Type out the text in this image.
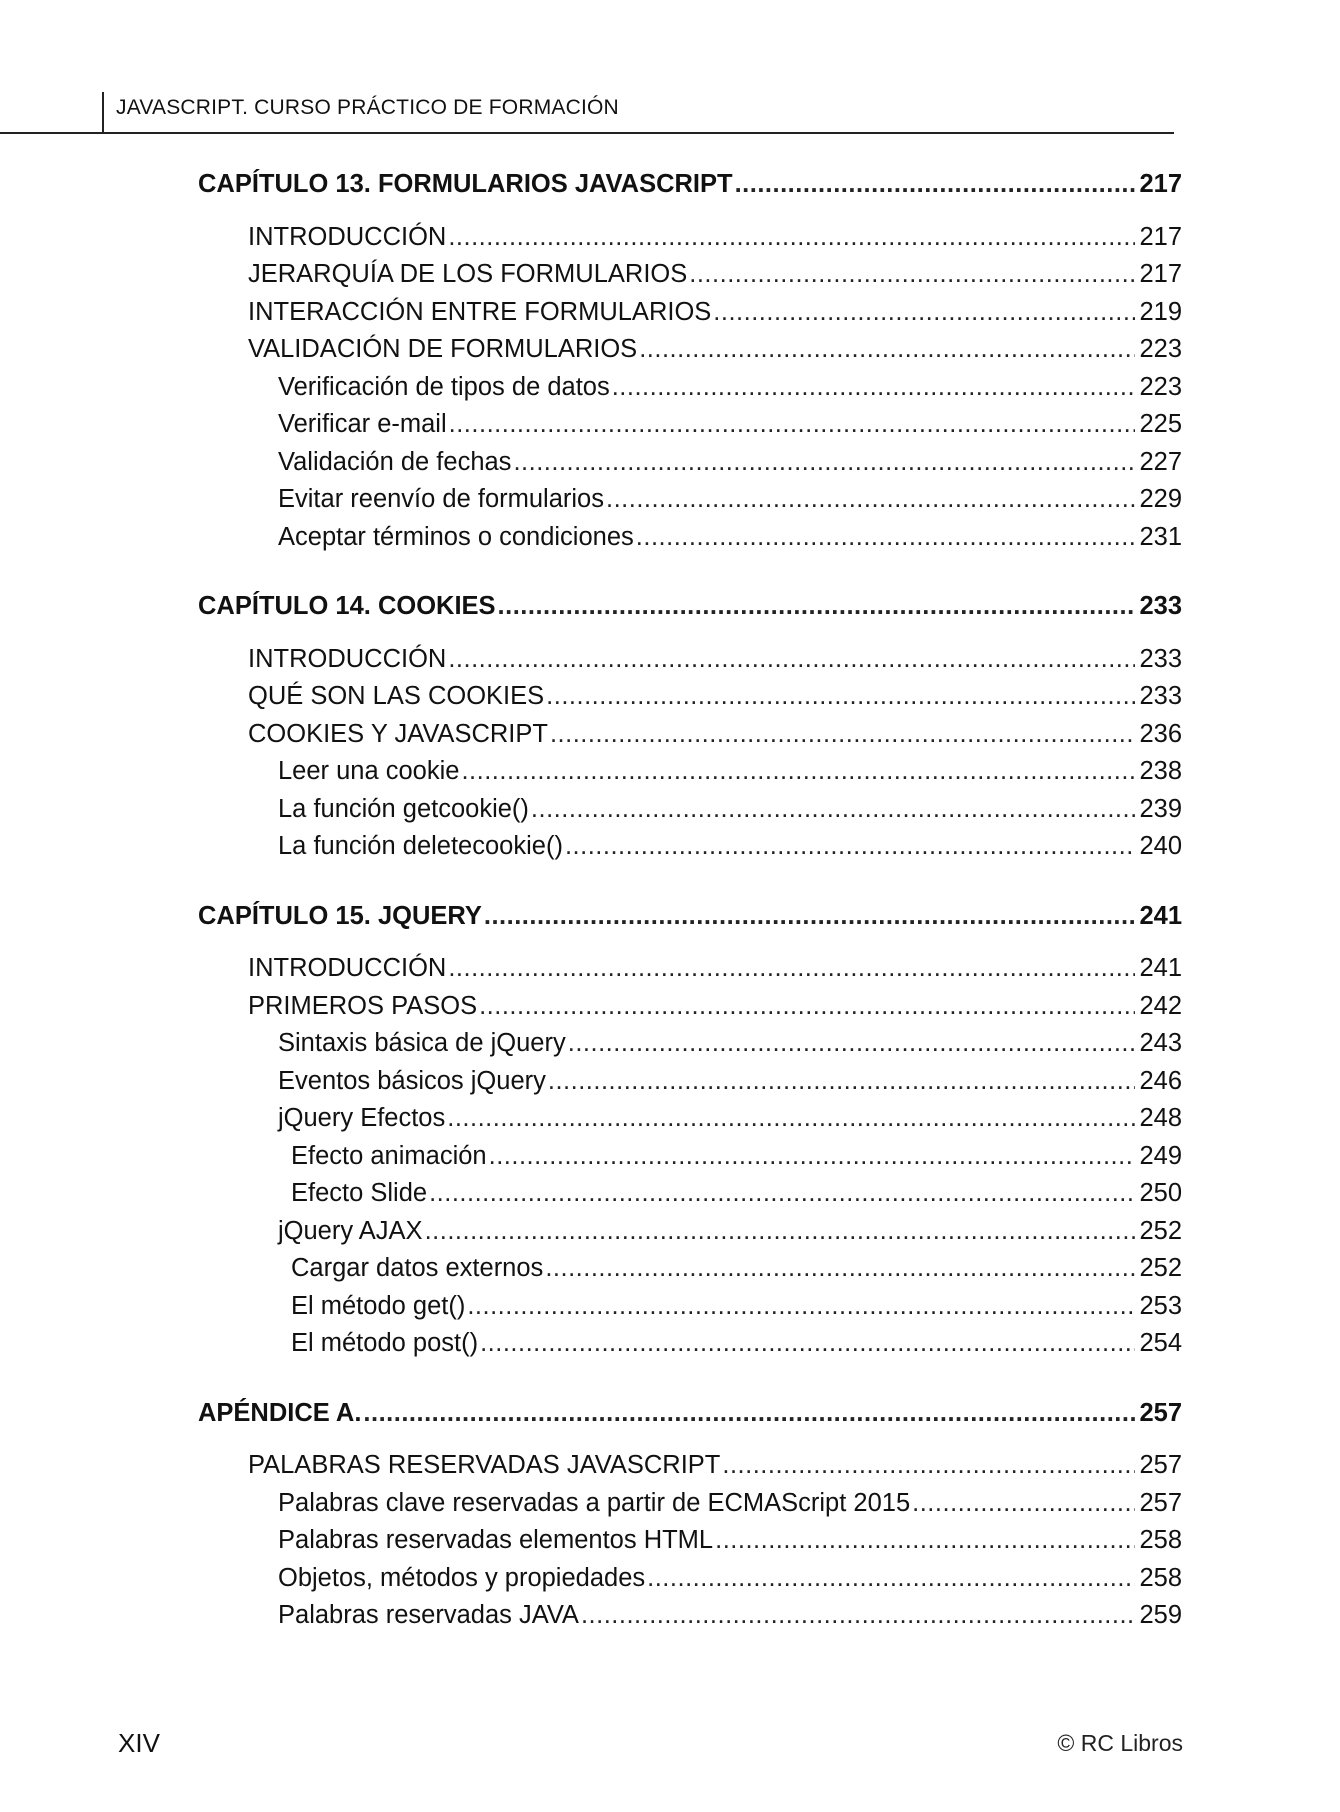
JAVASCRIPT. CURSO PRÁCTICO DE FORMACIÓN
CAPÍTULO 13. FORMULARIOS JAVASCRIPT .....	217
INTRODUCCIÓN .....	217
JERARQUÍA DE LOS FORMULARIOS .....	217
INTERACCIÓN ENTRE FORMULARIOS .....	219
VALIDACIÓN DE FORMULARIOS .....	223
Verificación de tipos de datos .....	223
Verificar e-mail .....	225
Validación de fechas .....	227
Evitar reenvío de formularios .....	229
Aceptar términos o condiciones .....	231
CAPÍTULO 14. COOKIES .....	233
INTRODUCCIÓN .....	233
QUÉ SON LAS COOKIES .....	233
COOKIES Y JAVASCRIPT .....	236
Leer una cookie .....	238
La función getcookie() .....	239
La función deletecookie() .....	240
CAPÍTULO 15. JQUERY .....	241
INTRODUCCIÓN .....	241
PRIMEROS PASOS .....	242
Sintaxis básica de jQuery .....	243
Eventos básicos jQuery .....	246
jQuery Efectos .....	248
Efecto animación .....	249
Efecto Slide .....	250
jQuery AJAX .....	252
Cargar datos externos .....	252
El método get() .....	253
El método post() .....	254
APÉNDICE A. .....	257
PALABRAS RESERVADAS JAVASCRIPT .....	257
Palabras clave reservadas a partir de ECMAScript 2015 .....	257
Palabras reservadas elementos HTML .....	258
Objetos, métodos y propiedades .....	258
Palabras reservadas JAVA .....	259
XIV	© RC Libros
